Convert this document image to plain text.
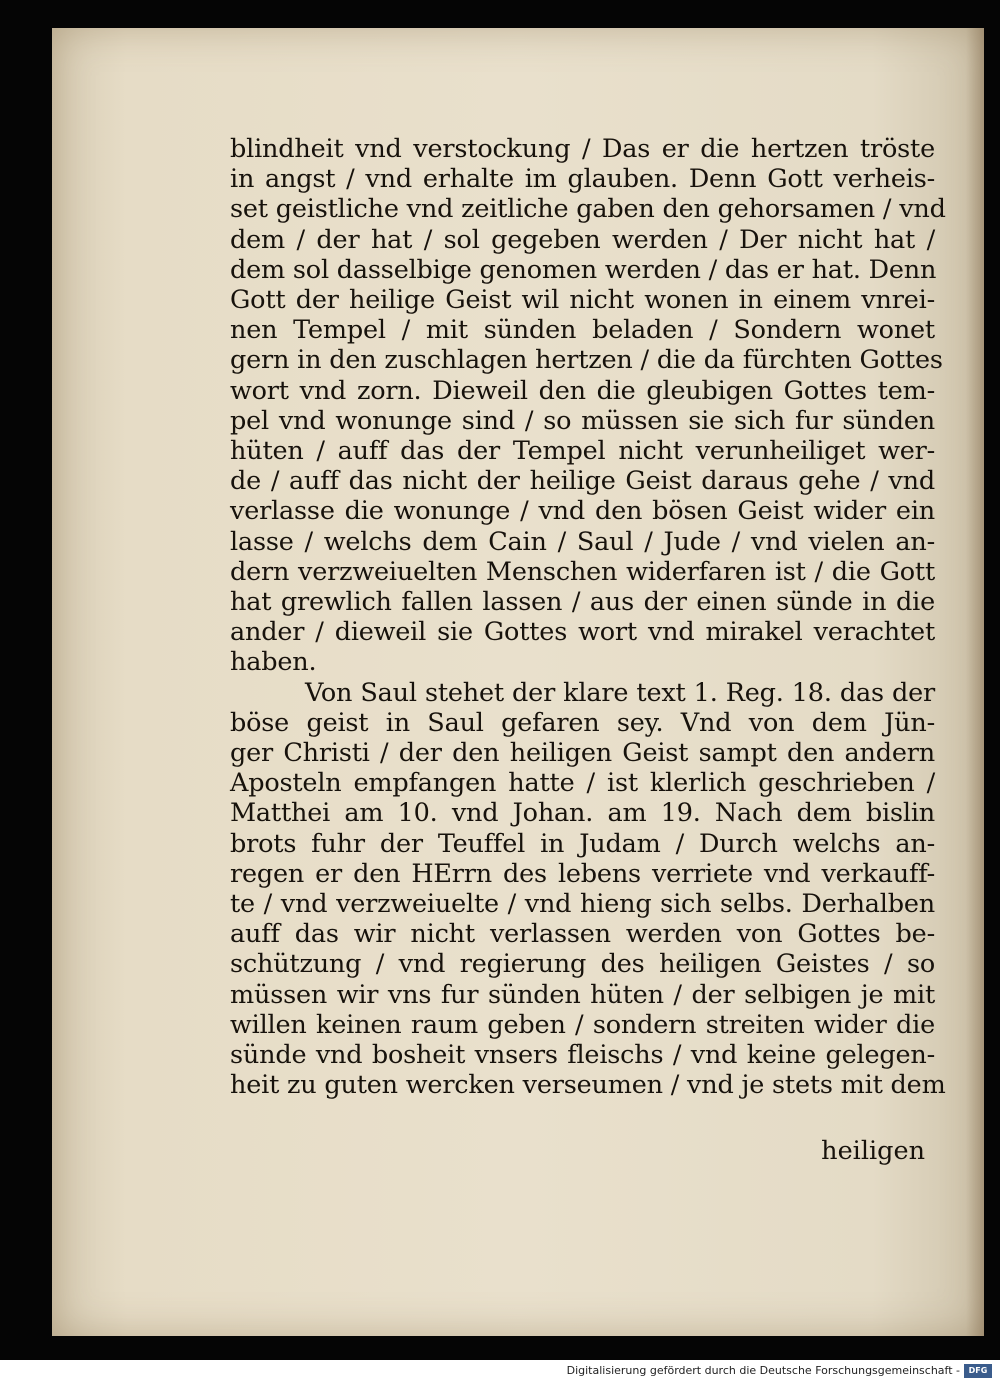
blindheit vnd verstockung / Das er die hertzen tröste
in angst / vnd erhalte im glauben. Denn Gott verheis-
set geistliche vnd zeitliche gaben den gehorsamen / vnd
dem / der hat / sol gegeben werden / Der nicht hat /
dem sol dasselbige genomen werden / das er hat. Denn
Gott der heilige Geist wil nicht wonen in einem vnrei-
nen Tempel / mit sünden beladen / Sondern wonet
gern in den zuschlagen hertzen / die da fürchten Gottes
wort vnd zorn. Dieweil den die gleubigen Gottes tem-
pel vnd wonunge sind / so müssen sie sich fur sünden
hüten / auff das der Tempel nicht verunheiliget wer-
de / auff das nicht der heilige Geist daraus gehe / vnd
verlasse die wonunge / vnd den bösen Geist wider ein
lasse / welchs dem Cain / Saul / Jude / vnd vielen an-
dern verzweiuelten Menschen widerfaren ist / die Gott
hat grewlich fallen lassen / aus der einen sünde in die
ander / dieweil sie Gottes wort vnd mirakel verachtet
haben.
Von Saul stehet der klare text 1. Reg. 18. das der
böse geist in Saul gefaren sey. Vnd von dem Jün-
ger Christi / der den heiligen Geist sampt den andern
Aposteln empfangen hatte / ist klerlich geschrieben /
Matthei am 10. vnd Johan. am 19. Nach dem bislin
brots fuhr der Teuffel in Judam / Durch welchs an-
regen er den HErrn des lebens verriete vnd verkauff-
te / vnd verzweiuelte / vnd hieng sich selbs. Derhalben
auff das wir nicht verlassen werden von Gottes be-
schützung / vnd regierung des heiligen Geistes / so
müssen wir vns fur sünden hüten / der selbigen je mit
willen keinen raum geben / sondern streiten wider die
sünde vnd bosheit vnsers fleischs / vnd keine gelegen-
heit zu guten wercken verseumen / vnd je stets mit dem
heiligen
Digitalisierung gefördert durch die Deutsche Forschungsgemeinschaft -	DFG
